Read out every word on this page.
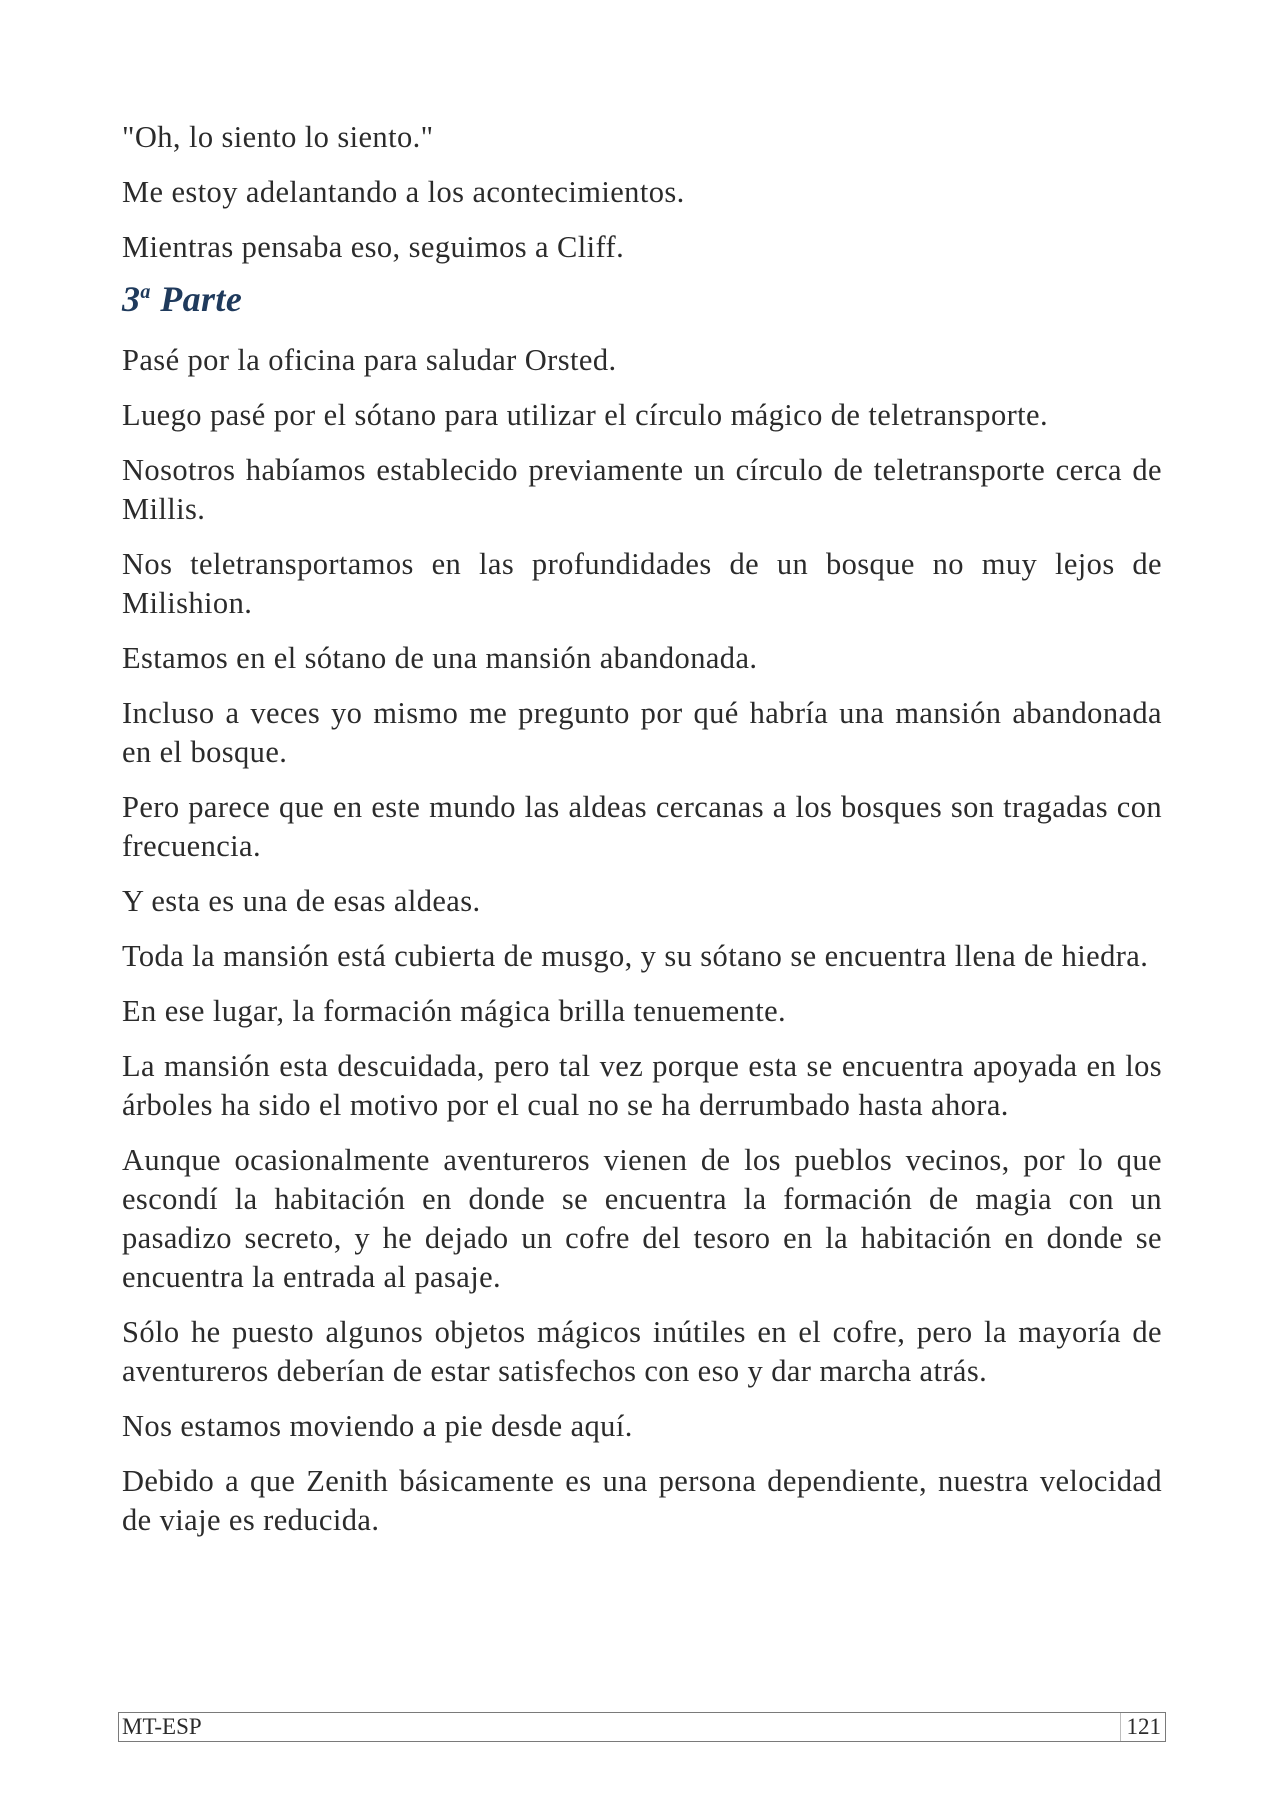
"Oh, lo siento lo siento."

Me estoy adelantando a los acontecimientos.

Mientras pensaba eso, seguimos a Cliff.

3$^a$ Parte

Pasé por la oficina para saludar Orsted.

Luego pasé por el sótano para utilizar el círculo mágico de teletransporte.

Nosotros habíamos establecido previamente un círculo de teletransporte cerca de Millis.

Nos teletransportamos en las profundidades de un bosque no muy lejos de Milishion.

Estamos en el sótano de una mansión abandonada.

Incluso a veces yo mismo me pregunto por qué habría una mansión abandonada en el bosque.

Pero parece que en este mundo las aldeas cercanas a los bosques son tragadas con frecuencia.

Y esta es una de esas aldeas.

Toda la mansión está cubierta de musgo, y su sótano se encuentra llena de hiedra.

En ese lugar, la formación mágica brilla tenuemente.

La mansión esta descuidada, pero tal vez porque esta se encuentra apoyada en los árboles ha sido el motivo por el cual no se ha derrumbado hasta ahora.

Aunque ocasionalmente aventureros vienen de los pueblos vecinos, por lo que escondí la habitación en donde se encuentra la formación de magia con un pasadizo secreto, y he dejado un cofre del tesoro en la habitación en donde se encuentra la entrada al pasaje.

Sólo he puesto algunos objetos mágicos inútiles en el cofre, pero la mayoría de aventureros deberían de estar satisfechos con eso y dar marcha atrás.

Nos estamos moviendo a pie desde aquí.

Debido a que Zenith básicamente es una persona dependiente, nuestra velocidad de viaje es reducida.

MT-ESP	121
